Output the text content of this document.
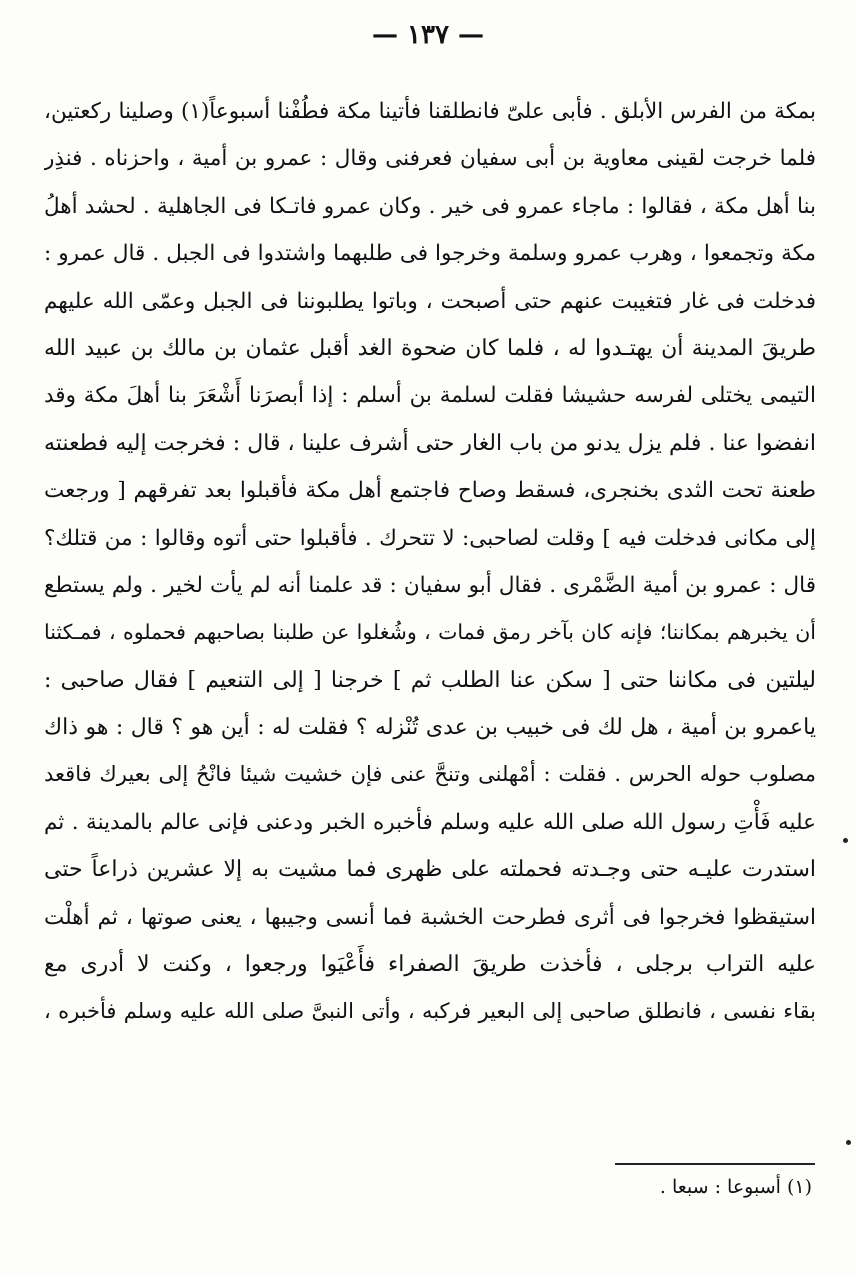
— ١٣٧ —
بمكة من الفرس الأبلق . فأبى علىّ فانطلقنا فأتينا مكة فطُفْنا أسبوعاً(١) وصلينا ركعتين،
فلما خرجت لقينى معاوية بن أبى سفيان فعرفنى وقال : عمرو بن أمية ، واحزناه . فنذِر
بنا أهل مكة ، فقالوا : ماجاء عمرو فى خير . وكان عمرو فاتـكا فى الجاهلية . لحشد أهلُ
مكة وتجمعوا ، وهرب عمرو وسلمة وخرجوا فى طلبهما واشتدوا فى الجبل . قال عمرو :
فدخلت فى غار فتغيبت عنهم حتى أصبحت ، وباتوا يطلبوننا فى الجبل وعمّى الله عليهم
طريقَ المدينة أن يهتـدوا له ، فلما كان ضحوة الغد أقبل عثمان بن مالك بن عبيد الله
التيمى يختلى لفرسه حشيشا فقلت لسلمة بن أسلم : إذا أبصرَنا أَشْعَرَ بنا أهلَ مكة وقد
انفضوا عنا . فلم يزل يدنو من باب الغار حتى أشرف علينا ، قال : فخرجت إليه فطعنته
طعنة تحت الثدى بخنجرى، فسقط وصاح فاجتمع أهل مكة فأقبلوا بعد تفرقهم [ ورجعت
إلى مكانى فدخلت فيه ] وقلت لصاحبى: لا تتحرك . فأقبلوا حتى أتوه وقالوا : من قتلك؟
قال : عمرو بن أمية الضَّمْرى . فقال أبو سفيان : قد علمنا أنه لم يأت لخير . ولم يستطع
أن يخبرهم بمكاننا؛ فإنه كان بآخر رمق فمات ، وشُغلوا عن طلبنا بصاحبهم فحملوه ، فمـكثنا
ليلتين فى مكاننا حتى [ سكن عنا الطلب ثم ] خرجنا [ إلى التنعيم ] فقال صاحبى :
ياعمرو بن أمية ، هل لك فى خبيب بن عدى تُنْزله ؟ فقلت له : أين هو ؟ قال : هو ذاك
مصلوب حوله الحرس . فقلت : أمْهلنى وتنحَّ عنى فإن خشيت شيئا فانْحُ إلى بعيرك فاقعد
عليه فَأْتِ رسول الله صلى الله عليه وسلم فأخبره الخبر ودعنى فإنى عالم بالمدينة . ثم
استدرت عليـه حتى وجـدته فحملته على ظهرى فما مشيت به إلا عشرين ذراعاً حتى
استيقظوا فخرجوا فى أثرى فطرحت الخشبة فما أنسى وجيبها ، يعنى صوتها ، ثم أهلْت
عليه التراب برجلى ، فأخذت طريقَ الصفراء فأَعْيَوا ورجعوا ، وكنت لا أدرى مع
بقاء نفسى ، فانطلق صاحبى إلى البعير فركبه ، وأتى النبىَّ صلى الله عليه وسلم فأخبره ،
(١) أسبوعا : سبعا .
